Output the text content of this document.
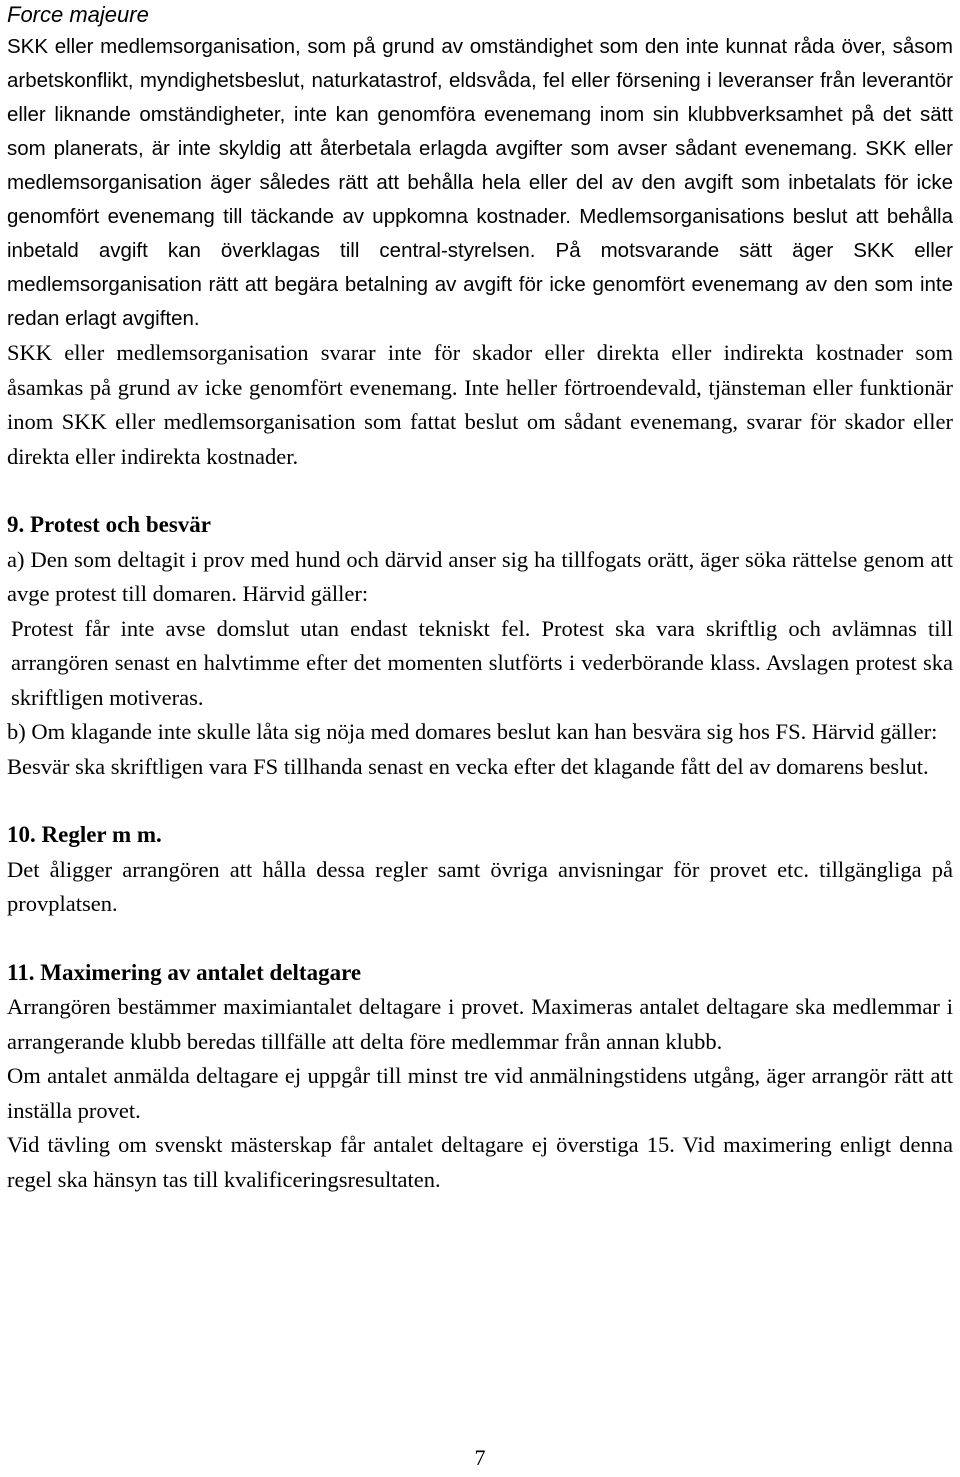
Force majeure

SKK eller medlemsorganisation, som på grund av omständighet som den inte kunnat råda över, såsom arbetskonflikt, myndighetsbeslut, naturkatastrof, eldsvåda, fel eller försening i leveranser från leverantör eller liknande omständigheter, inte kan genomföra evenemang inom sin klubbverksamhet på det sätt som planerats, är inte skyldig att återbetala erlagda avgifter som avser sådant evenemang. SKK eller medlemsorganisation äger således rätt att behålla hela eller del av den avgift som inbetalats för icke genomfört evenemang till täckande av uppkomna kostnader. Medlemsorganisations beslut att behålla inbetald avgift kan överklagas till central-styrelsen. På motsvarande sätt äger SKK eller medlemsorganisation rätt att begära betalning av avgift för icke genomfört evenemang av den som inte redan erlagt avgiften.

SKK eller medlemsorganisation svarar inte för skador eller direkta eller indirekta kostnader som åsamkas på grund av icke genomfört evenemang. Inte heller förtroendevald, tjänsteman eller funktionär inom SKK eller medlemsorganisation som fattat beslut om sådant evenemang, svarar för skador eller direkta eller indirekta kostnader.

9. Protest och besvär

a) Den som deltagit i prov med hund och därvid anser sig ha tillfogats orätt, äger söka rättelse genom att avge protest till domaren. Härvid gäller:

Protest får inte avse domslut utan endast tekniskt fel. Protest ska vara skriftlig och avlämnas till arrangören senast en halvtimme efter det momenten slutförts i vederbörande klass. Avslagen protest ska skriftligen motiveras.

b) Om klagande inte skulle låta sig nöja med domares beslut kan han besvära sig hos FS. Härvid gäller:

Besvär ska skriftligen vara FS tillhanda senast en vecka efter det klagande fått del av domarens beslut.

10. Regler m m.

Det åligger arrangören att hålla dessa regler samt övriga anvisningar för provet etc. tillgängliga på provplatsen.

11. Maximering av antalet deltagare

Arrangören bestämmer maximiantalet deltagare i provet. Maximeras antalet deltagare ska medlemmar i arrangerande klubb beredas tillfälle att delta före medlemmar från annan klubb.

Om antalet anmälda deltagare ej uppgår till minst tre vid anmälningstidens utgång, äger arrangör rätt att inställa provet.

Vid tävling om svenskt mästerskap får antalet deltagare ej överstiga 15. Vid maximering enligt denna regel ska hänsyn tas till kvalificeringsresultaten.

7
